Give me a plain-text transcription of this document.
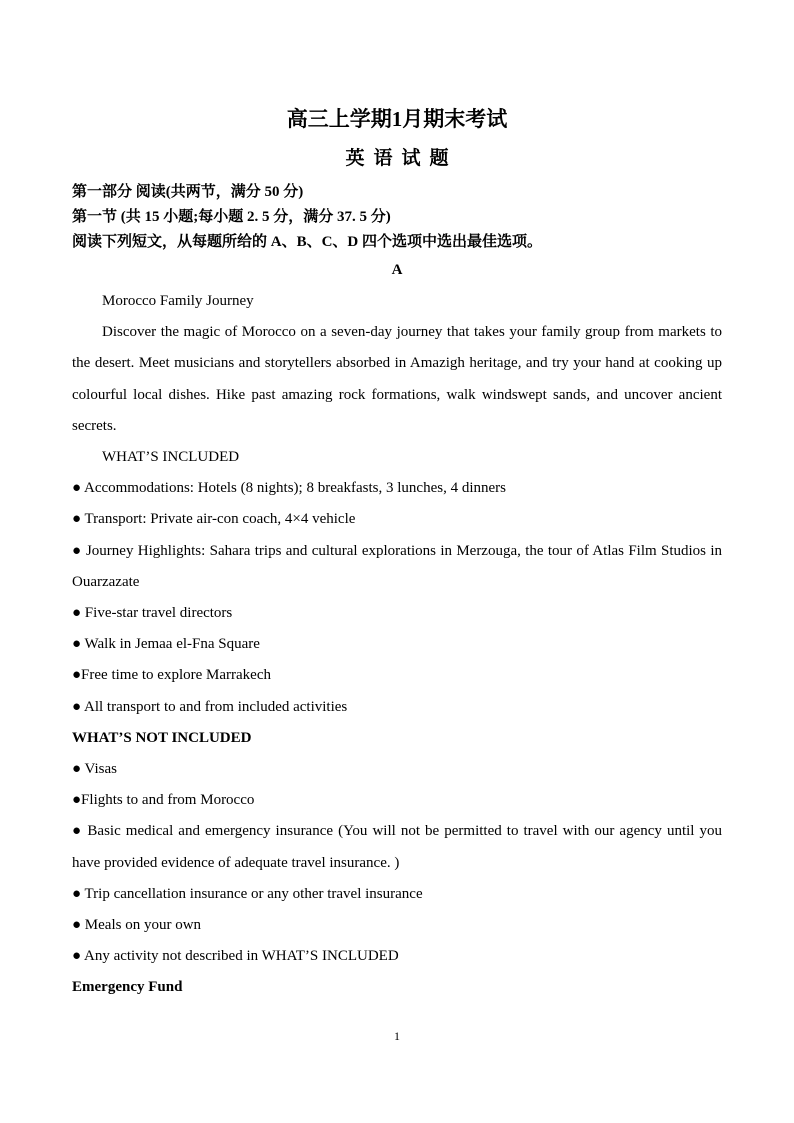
高三上学期1月期末考试
英语试题
第一部分 阅读(共两节，满分 50 分)
第一节 (共 15 小题;每小题 2. 5 分，满分 37. 5 分)
阅读下列短文，从每题所给的 A、B、C、D 四个选项中选出最佳选项。
A

Morocco Family Journey

Discover the magic of Morocco on a seven-day journey that takes your family group from markets to the desert. Meet musicians and storytellers absorbed in Amazigh heritage, and try your hand at cooking up colourful local dishes. Hike past amazing rock formations, walk windswept sands, and uncover ancient secrets.

WHAT’S INCLUDED

● Accommodations: Hotels (8 nights); 8 breakfasts, 3 lunches, 4 dinners

● Transport: Private air-con coach, 4×4 vehicle

● Journey Highlights: Sahara trips and cultural explorations in Merzouga, the tour of Atlas Film Studios in Ouarzazate

● Five-star travel directors

● Walk in Jemaa el-Fna Square

●Free time to explore Marrakech

● All transport to and from included activities

WHAT’S NOT INCLUDED

● Visas

●Flights to and from Morocco

● Basic medical and emergency insurance (You will not be permitted to travel with our agency until you have provided evidence of adequate travel insurance. )

● Trip cancellation insurance or any other travel insurance

● Meals on your own

● Any activity not described in WHAT’S INCLUDED

Emergency Fund

1
